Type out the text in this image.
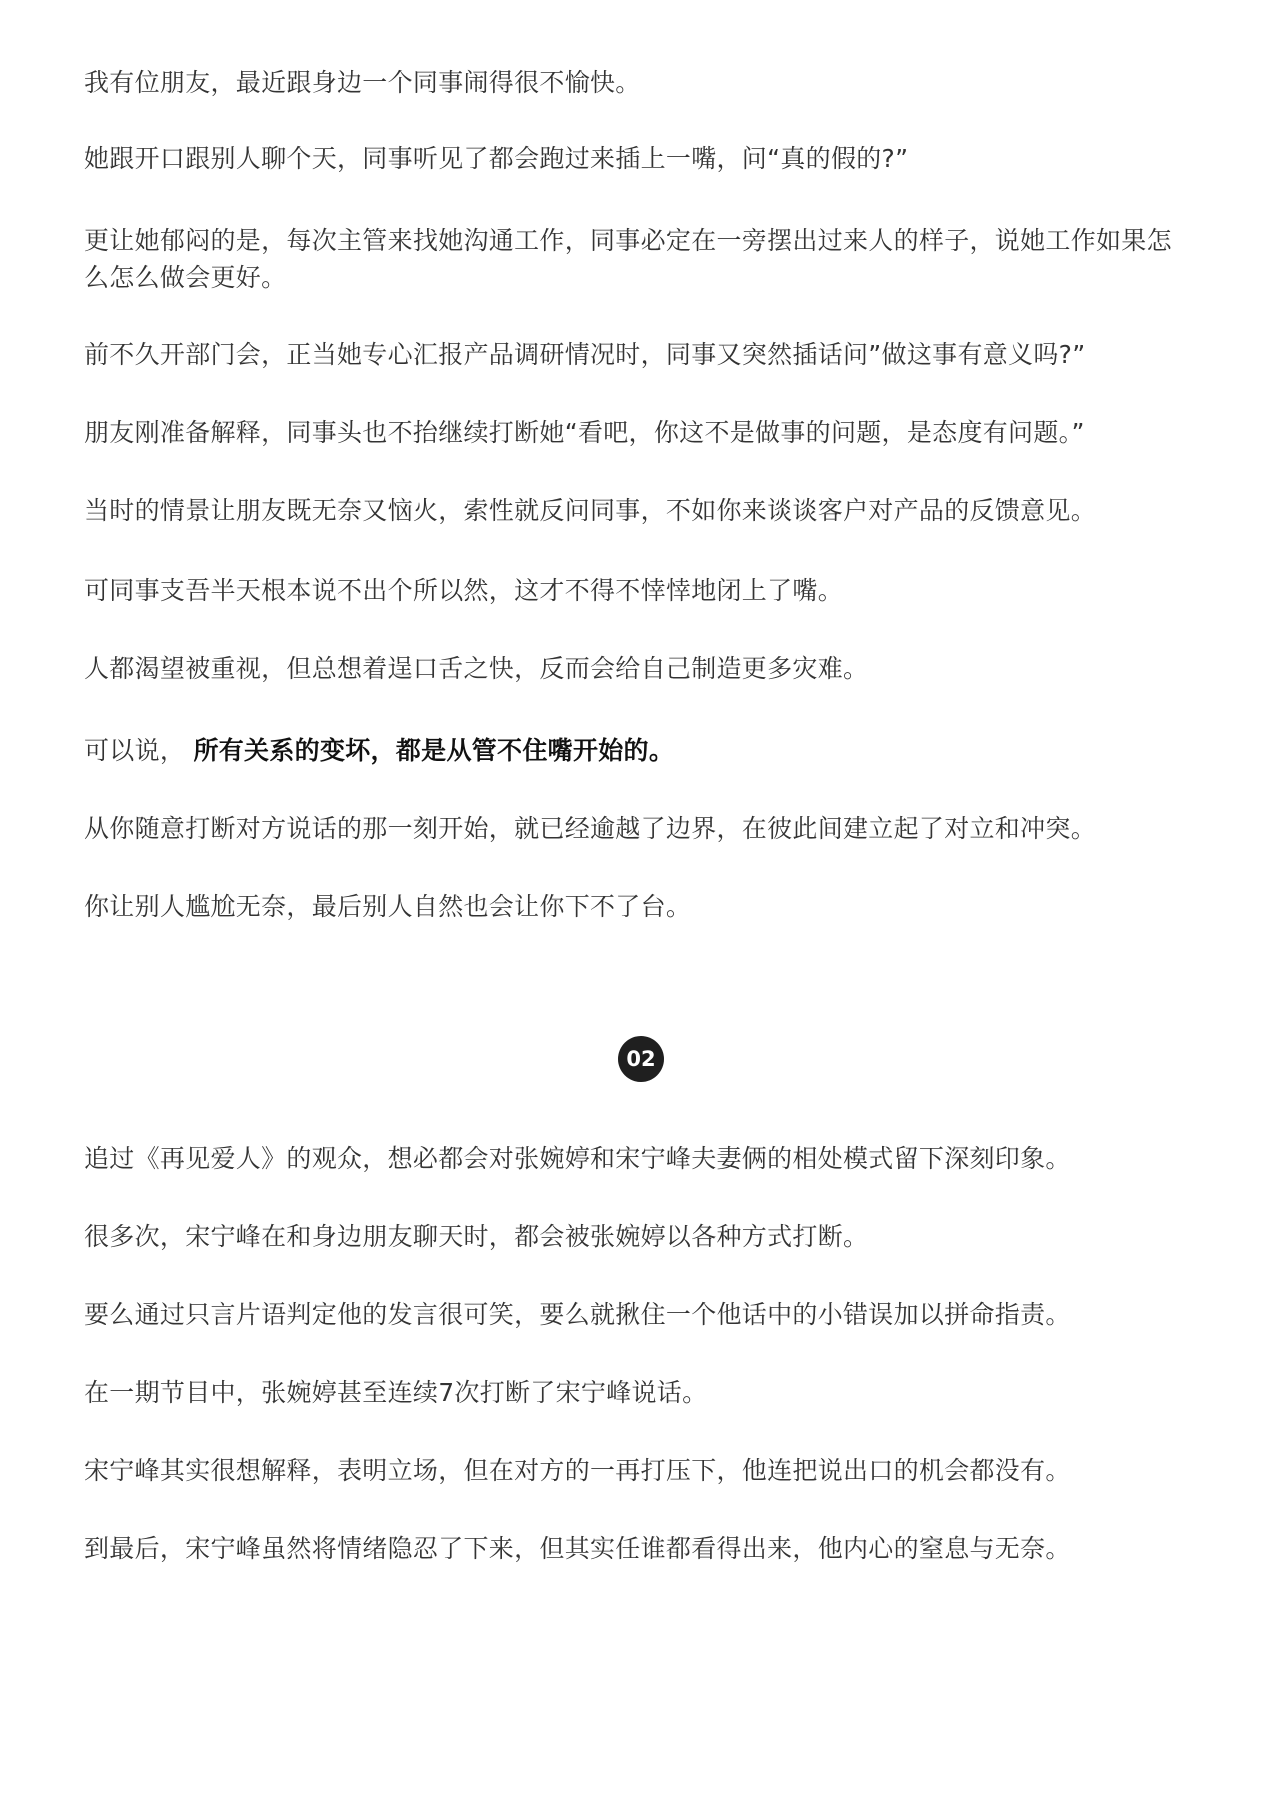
我有位朋友，最近跟身边一个同事闹得很不愉快。

她跟开口跟别人聊个天，同事听见了都会跑过来插上一嘴，问“真的假的?”

更让她郁闷的是，每次主管来找她沟通工作，同事必定在一旁摆出过来人的样子，说她工作如果怎么怎么做会更好。

前不久开部门会，正当她专心汇报产品调研情况时，同事又突然插话问”做这事有意义吗?”

朋友刚准备解释，同事头也不抬继续打断她“看吧，你这不是做事的问题，是态度有问题。”

当时的情景让朋友既无奈又恼火，索性就反问同事，不如你来谈谈客户对产品的反馈意见。

可同事支吾半天根本说不出个所以然，这才不得不悻悻地闭上了嘴。

人都渴望被重视，但总想着逞口舌之快，反而会给自己制造更多灾难。

可以说， 所有关系的变坏，都是从管不住嘴开始的。

从你随意打断对方说话的那一刻开始，就已经逾越了边界，在彼此间建立起了对立和冲突。

你让别人尴尬无奈，最后别人自然也会让你下不了台。

02

追过《再见爱人》的观众，想必都会对张婉婷和宋宁峰夫妻俩的相处模式留下深刻印象。

很多次，宋宁峰在和身边朋友聊天时，都会被张婉婷以各种方式打断。

要么通过只言片语判定他的发言很可笑，要么就揪住一个他话中的小错误加以拼命指责。

在一期节目中，张婉婷甚至连续7次打断了宋宁峰说话。

宋宁峰其实很想解释，表明立场，但在对方的一再打压下，他连把说出口的机会都没有。

到最后，宋宁峰虽然将情绪隐忍了下来，但其实任谁都看得出来，他内心的窒息与无奈。
